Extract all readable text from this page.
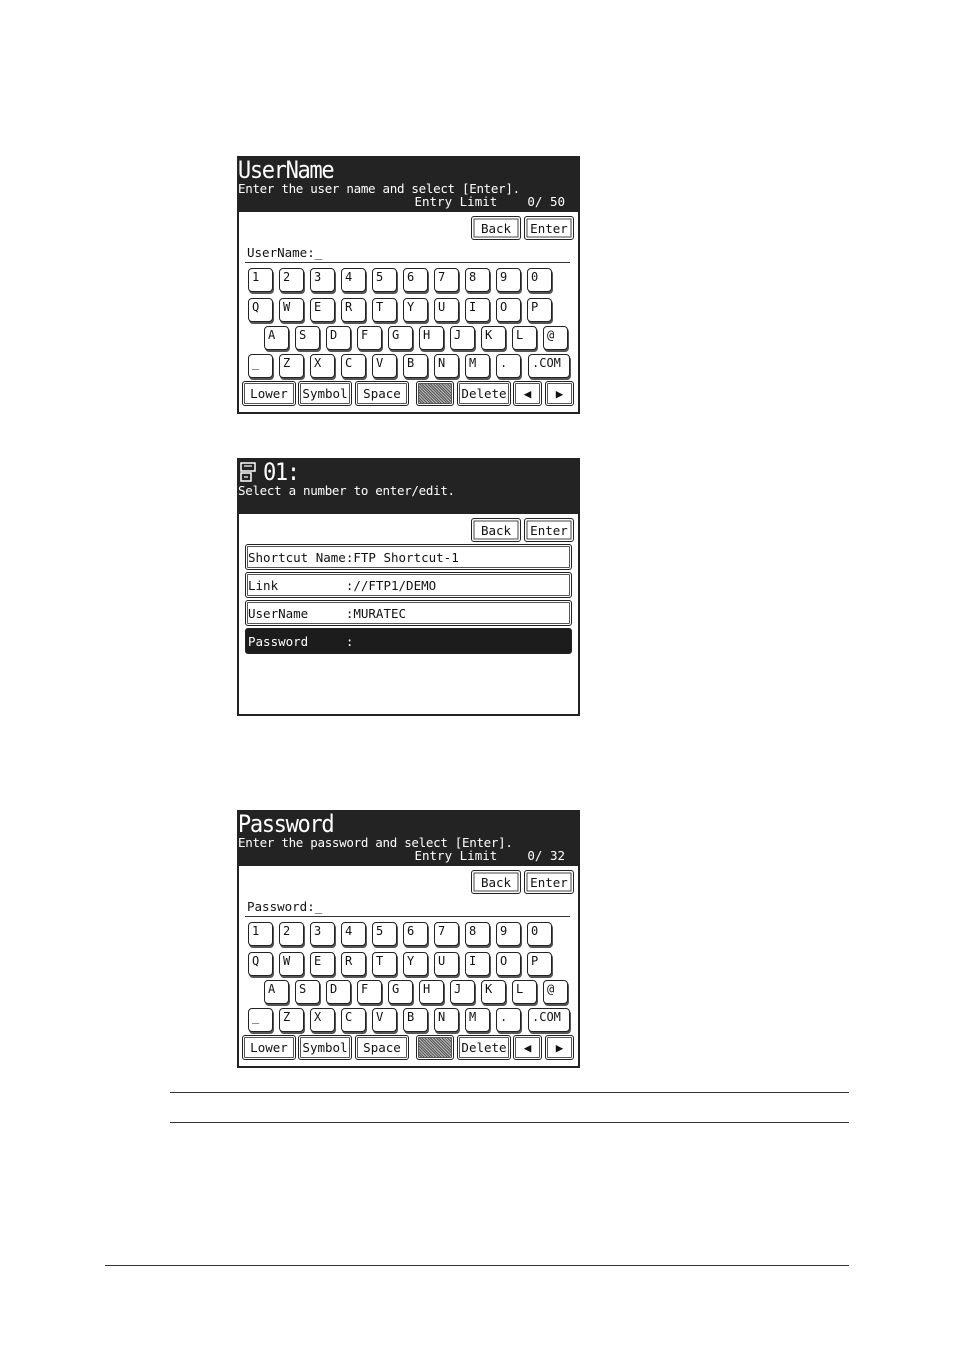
UserName
Enter the user name and select [Enter].
Entry Limit    0/ 50
Back	Enter
UserName:_
1	2	3	4	5	6	7	8	9	0
Q	W	E	R	T	Y	U	I	O	P
A	S	D	F	G	H	J	K	L	@
_	Z	X	C	V	B	N	M	.	.COM
Lower	Symbol	Space	Delete	◀	▶
01:
Select a number to enter/edit.
Back	Enter
Shortcut Name:FTP Shortcut-1
Link         ://FTP1/DEMO
UserName     :MURATEC
Password     :
Password
Enter the password and select [Enter].
Entry Limit    0/ 32
Back	Enter
Password:_
1	2	3	4	5	6	7	8	9	0
Q	W	E	R	T	Y	U	I	O	P
A	S	D	F	G	H	J	K	L	@
_	Z	X	C	V	B	N	M	.	.COM
Lower	Symbol	Space	Delete	◀	▶
